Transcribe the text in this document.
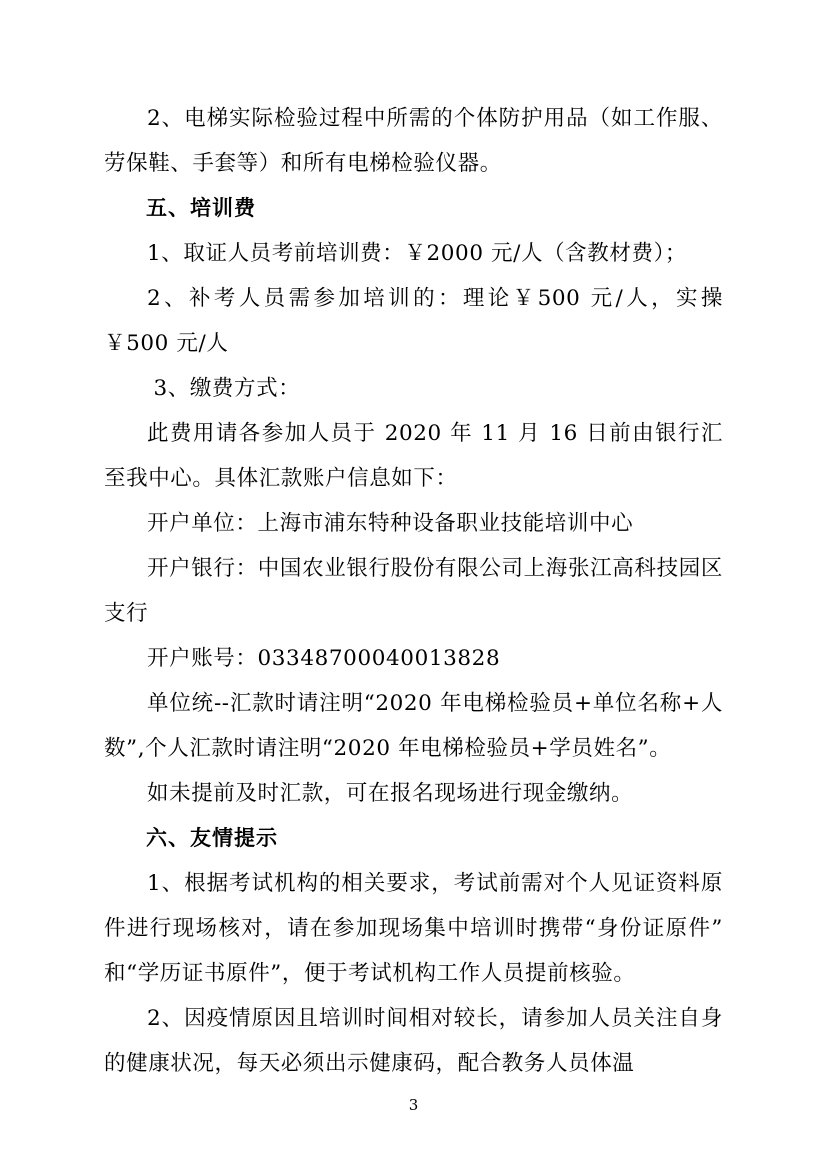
2、电梯实际检验过程中所需的个体防护用品（如工作服、劳保鞋、手套等）和所有电梯检验仪器。

五、培训费

1、取证人员考前培训费：￥2000 元/人（含教材费）；

2、补考人员需参加培训的：理论￥500 元/人，实操￥500 元/人

3、缴费方式：

此费用请各参加人员于 2020 年 11 月 16 日前由银行汇至我中心。具体汇款账户信息如下：

开户单位：上海市浦东特种设备职业技能培训中心

开户银行：中国农业银行股份有限公司上海张江高科技园区支行

开户账号：03348700040013828

单位统--汇款时请注明“2020 年电梯检验员+单位名称+人数”,个人汇款时请注明“2020 年电梯检验员+学员姓名”。

如未提前及时汇款，可在报名现场进行现金缴纳。

六、友情提示

1、根据考试机构的相关要求，考试前需对个人见证资料原件进行现场核对，请在参加现场集中培训时携带“身份证原件”和“学历证书原件”，便于考试机构工作人员提前核验。

2、因疫情原因且培训时间相对较长，请参加人员关注自身的健康状况，每天必须出示健康码，配合教务人员体温

3
